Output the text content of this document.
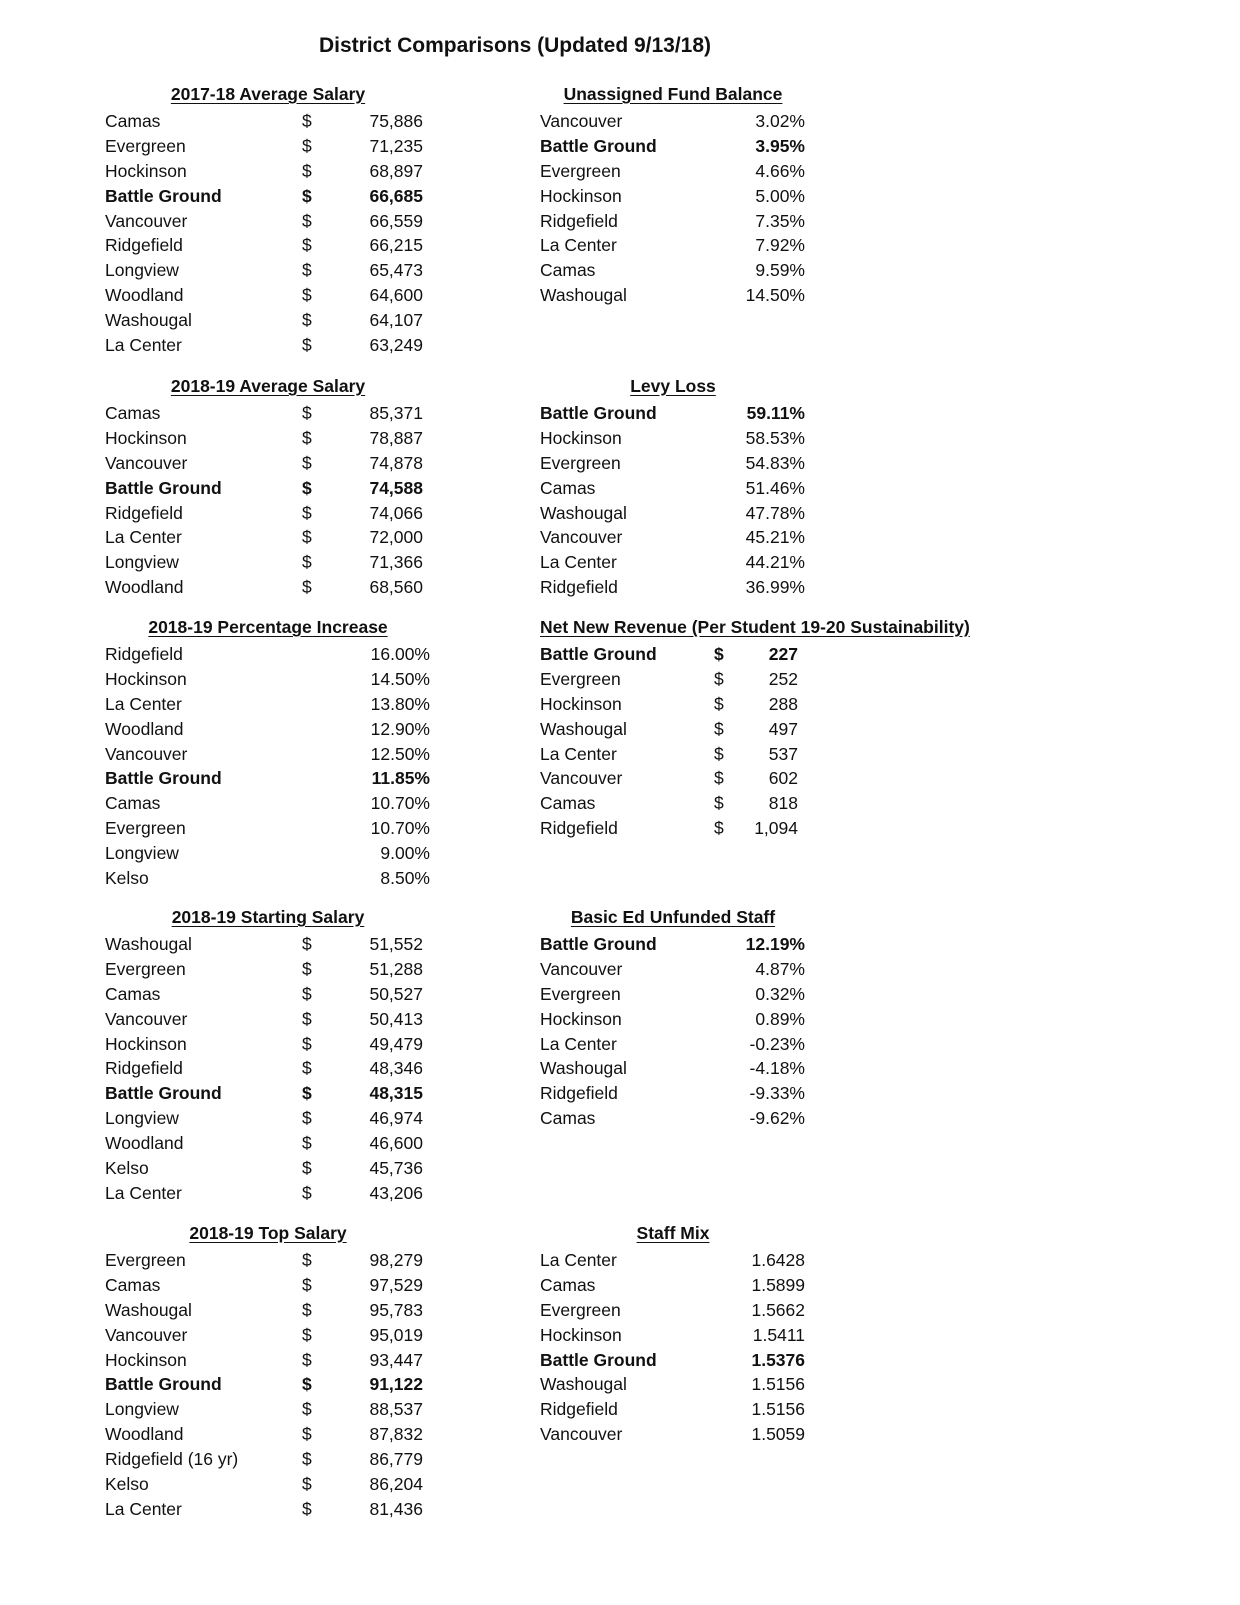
District Comparisons (Updated 9/13/18)
2017-18 Average Salary
Camas	$	75,886
Evergreen	$	71,235
Hockinson	$	68,897
Battle Ground	$	66,685
Vancouver	$	66,559
Ridgefield	$	66,215
Longview	$	65,473
Woodland	$	64,600
Washougal	$	64,107
La Center	$	63,249
2018-19 Average Salary
Camas	$	85,371
Hockinson	$	78,887
Vancouver	$	74,878
Battle Ground	$	74,588
Ridgefield	$	74,066
La Center	$	72,000
Longview	$	71,366
Woodland	$	68,560
2018-19 Percentage Increase
Ridgefield	16.00%
Hockinson	14.50%
La Center	13.80%
Woodland	12.90%
Vancouver	12.50%
Battle Ground	11.85%
Camas	10.70%
Evergreen	10.70%
Longview	9.00%
Kelso	8.50%
2018-19 Starting Salary
Washougal	$	51,552
Evergreen	$	51,288
Camas	$	50,527
Vancouver	$	50,413
Hockinson	$	49,479
Ridgefield	$	48,346
Battle Ground	$	48,315
Longview	$	46,974
Woodland	$	46,600
Kelso	$	45,736
La Center	$	43,206
2018-19 Top Salary
Evergreen	$	98,279
Camas	$	97,529
Washougal	$	95,783
Vancouver	$	95,019
Hockinson	$	93,447
Battle Ground	$	91,122
Longview	$	88,537
Woodland	$	87,832
Ridgefield (16 yr)	$	86,779
Kelso	$	86,204
La Center	$	81,436
Unassigned Fund Balance
Vancouver	3.02%
Battle Ground	3.95%
Evergreen	4.66%
Hockinson	5.00%
Ridgefield	7.35%
La Center	7.92%
Camas	9.59%
Washougal	14.50%
Levy Loss
Battle Ground	59.11%
Hockinson	58.53%
Evergreen	54.83%
Camas	51.46%
Washougal	47.78%
Vancouver	45.21%
La Center	44.21%
Ridgefield	36.99%
Net New Revenue (Per Student 19-20 Sustainability)
Battle Ground	$	227
Evergreen	$	252
Hockinson	$	288
Washougal	$	497
La Center	$	537
Vancouver	$	602
Camas	$	818
Ridgefield	$	1,094
Basic Ed Unfunded Staff
Battle Ground	12.19%
Vancouver	4.87%
Evergreen	0.32%
Hockinson	0.89%
La Center	-0.23%
Washougal	-4.18%
Ridgefield	-9.33%
Camas	-9.62%
Staff Mix
La Center	1.6428
Camas	1.5899
Evergreen	1.5662
Hockinson	1.5411
Battle Ground	1.5376
Washougal	1.5156
Ridgefield	1.5156
Vancouver	1.5059
